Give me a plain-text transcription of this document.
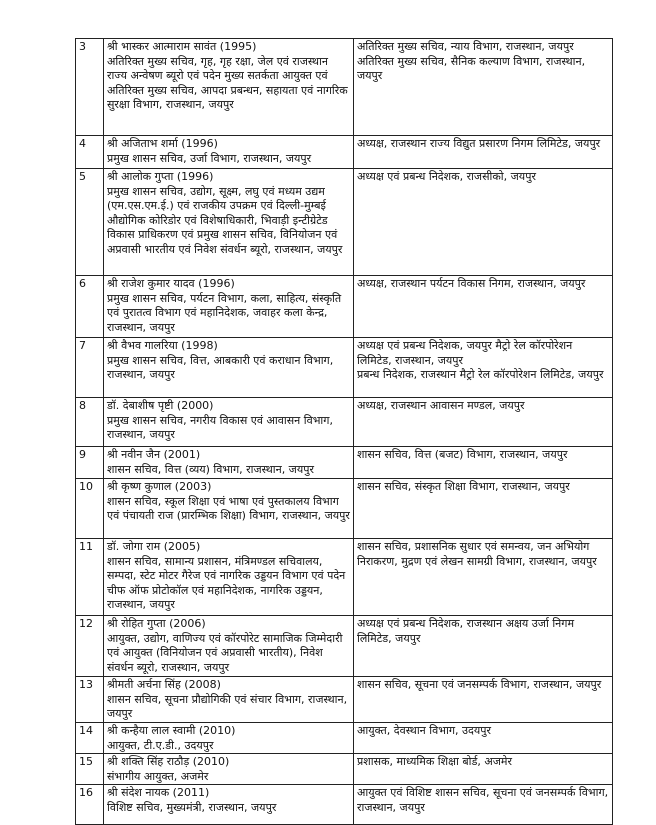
3	श्री भास्कर आत्माराम सावंत (1995)
अतिरिक्त मुख्य सचिव, गृह, गृह रक्षा, जेल एवं राजस्थान राज्य अन्वेषण ब्यूरो एवं पदेन मुख्य सतर्कता आयुक्त एवं अतिरिक्त मुख्य सचिव, आपदा प्रबन्धन, सहायता एवं नागरिक सुरक्षा विभाग, राजस्थान, जयपुर	अतिरिक्त मुख्य सचिव, न्याय विभाग, राजस्थान, जयपुर
अतिरिक्त मुख्य सचिव, सैनिक कल्याण विभाग, राजस्थान, जयपुर

4	श्री अजिताभ शर्मा (1996)
प्रमुख शासन सचिव, उर्जा विभाग, राजस्थान, जयपुर	अध्यक्ष, राजस्थान राज्य विद्युत प्रसारण निगम लिमिटेड, जयपुर

5	श्री आलोक गुप्ता (1996)
प्रमुख शासन सचिव, उद्योग, सूक्ष्म, लघु एवं मध्यम उद्यम (एम.एस.एम.ई.) एवं राजकीय उपक्रम एवं दिल्ली-मुम्बई औद्योगिक कोरिडोर एवं विशेषाधिकारी, भिवाड़ी इन्टीग्रेटेड विकास प्राधिकरण एवं प्रमुख शासन सचिव, विनियोजन एवं अप्रवासी भारतीय एवं निवेश संवर्धन ब्यूरो, राजस्थान, जयपुर	अध्यक्ष एवं प्रबन्ध निदेशक, राजसीको, जयपुर

6	श्री राजेश कुमार यादव (1996)
प्रमुख शासन सचिव, पर्यटन विभाग, कला, साहित्य, संस्कृति एवं पुरातत्व विभाग एवं महानिदेशक, जवाहर कला केन्द्र, राजस्थान, जयपुर	अध्यक्ष, राजस्थान पर्यटन विकास निगम, राजस्थान, जयपुर

7	श्री वैभव गालरिया (1998)
प्रमुख शासन सचिव, वित्त, आबकारी एवं कराधान विभाग, राजस्थान, जयपुर	अध्यक्ष एवं प्रबन्ध निदेशक, जयपुर मैट्रो रेल कॉरपोरेशन लिमिटेड, राजस्थान, जयपुर
प्रबन्ध निदेशक, राजस्थान मैट्रो रेल कॉरपोरेशन लिमिटेड, जयपुर

8	डॉ. देबाशीष पृष्टी (2000)
प्रमुख शासन सचिव, नगरीय विकास एवं आवासन विभाग, राजस्थान, जयपुर	अध्यक्ष, राजस्थान आवासन मण्डल, जयपुर

9	श्री नवीन जैन (2001)
शासन सचिव, वित्त (व्यय) विभाग, राजस्थान, जयपुर	शासन सचिव, वित्त (बजट) विभाग, राजस्थान, जयपुर

10	श्री कृष्ण कुणाल (2003)
शासन सचिव, स्कूल शिक्षा एवं भाषा एवं पुस्तकालय विभाग एवं पंचायती राज (प्रारम्भिक शिक्षा) विभाग, राजस्थान, जयपुर	शासन सचिव, संस्कृत शिक्षा विभाग, राजस्थान, जयपुर

11	डॉ. जोगा राम (2005)
शासन सचिव, सामान्य प्रशासन, मंत्रिमण्डल सचिवालय, सम्पदा, स्टेट मोटर गैरेज एवं नागरिक उड्डयन विभाग एवं पदेन चीफ ऑफ प्रोटोकॉल एवं महानिदेशक, नागरिक उड्डयन, राजस्थान, जयपुर	शासन सचिव, प्रशासनिक सुधार एवं समन्वय, जन अभियोग निराकरण, मुद्रण एवं लेखन सामग्री विभाग, राजस्थान, जयपुर

12	श्री रोहित गुप्ता (2006)
आयुक्त, उद्योग, वाणिज्य एवं कॉरपोरेट सामाजिक जिम्मेदारी एवं आयुक्त (विनियोजन एवं अप्रवासी भारतीय), निवेश संवर्धन ब्यूरो, राजस्थान, जयपुर	अध्यक्ष एवं प्रबन्ध निदेशक, राजस्थान अक्षय उर्जा निगम लिमिटेड, जयपुर

13	श्रीमती अर्चना सिंह (2008)
शासन सचिव, सूचना प्रौद्योगिकी एवं संचार विभाग, राजस्थान, जयपुर	शासन सचिव, सूचना एवं जनसम्पर्क विभाग, राजस्थान, जयपुर

14	श्री कन्हैया लाल स्वामी (2010)
आयुक्त, टी.ए.डी., उदयपुर	आयुक्त, देवस्थान विभाग, उदयपुर

15	श्री शक्ति सिंह राठौड़ (2010)
संभागीय आयुक्त, अजमेर	प्रशासक, माध्यमिक शिक्षा बोर्ड, अजमेर

16	श्री संदेश नायक (2011)
विशिष्ट सचिव, मुख्यमंत्री, राजस्थान, जयपुर	आयुक्त एवं विशिष्ट शासन सचिव, सूचना एवं जनसम्पर्क विभाग, राजस्थान, जयपुर
